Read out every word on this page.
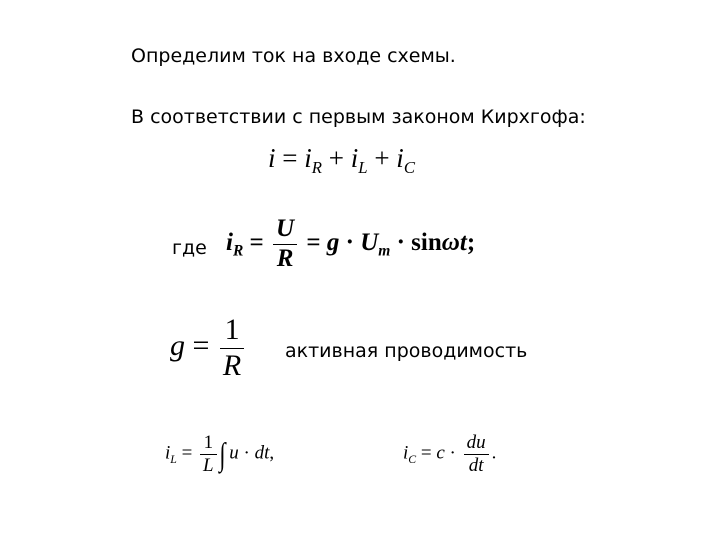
Определим ток на входе схемы.
В соответствии с первым законом Кирхгофа:
$i = i_R + i_L + i_C$
где $i_R = \frac{U}{R} = g \cdot U_m \cdot \sin\omega t$;
$g = \frac{1}{R}$ активная проводимость
$i_L = \frac{1}{L}$ ∫ u · dt,	$i_C = c \cdot \frac{du}{dt}$ .
